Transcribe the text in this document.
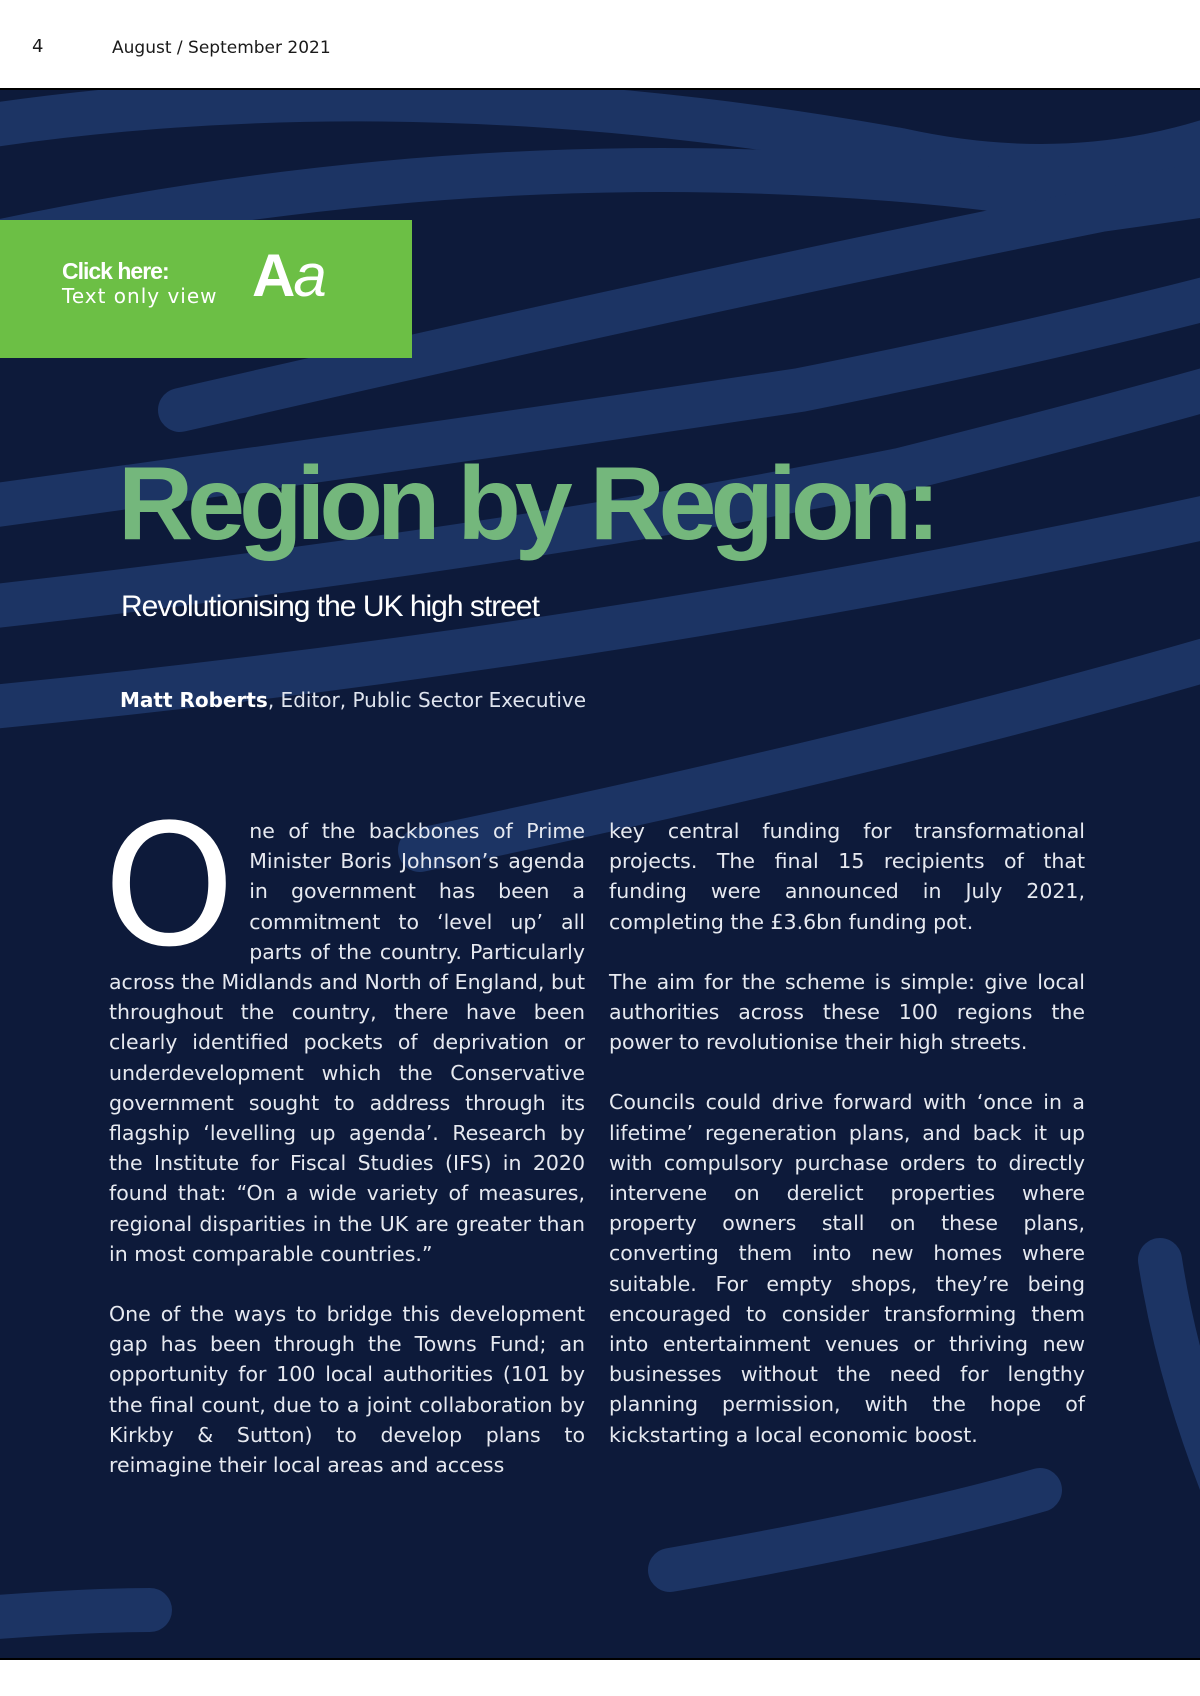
4	August / September 2021
Click here:
Text only view Aa
Region by Region:
Revolutionising the UK high street
Matt Roberts, Editor, Public Sector Executive

One of the backbones of Prime Minister Boris Johnson’s agenda in government has been a commitment to ‘level up’ all parts of the country. Particularly across the Midlands and North of England, but throughout the country, there have been clearly identified pockets of deprivation or underdevelopment which the Conservative government sought to address through its flagship ‘levelling up agenda’. Research by the Institute for Fiscal Studies (IFS) in 2020 found that: “On a wide variety of measures, regional disparities in the UK are greater than in most comparable countries.”

One of the ways to bridge this development gap has been through the Towns Fund; an opportunity for 100 local authorities (101 by the final count, due to a joint collaboration by Kirkby & Sutton) to develop plans to reimagine their local areas and access

key central funding for transformational projects. The final 15 recipients of that funding were announced in July 2021, completing the £3.6bn funding pot.

The aim for the scheme is simple: give local authorities across these 100 regions the power to revolutionise their high streets.

Councils could drive forward with ‘once in a lifetime’ regeneration plans, and back it up with compulsory purchase orders to directly intervene on derelict properties where property owners stall on these plans, converting them into new homes where suitable. For empty shops, they’re being encouraged to consider transforming them into entertainment venues or thriving new businesses without the need for lengthy planning permission, with the hope of kickstarting a local economic boost.
